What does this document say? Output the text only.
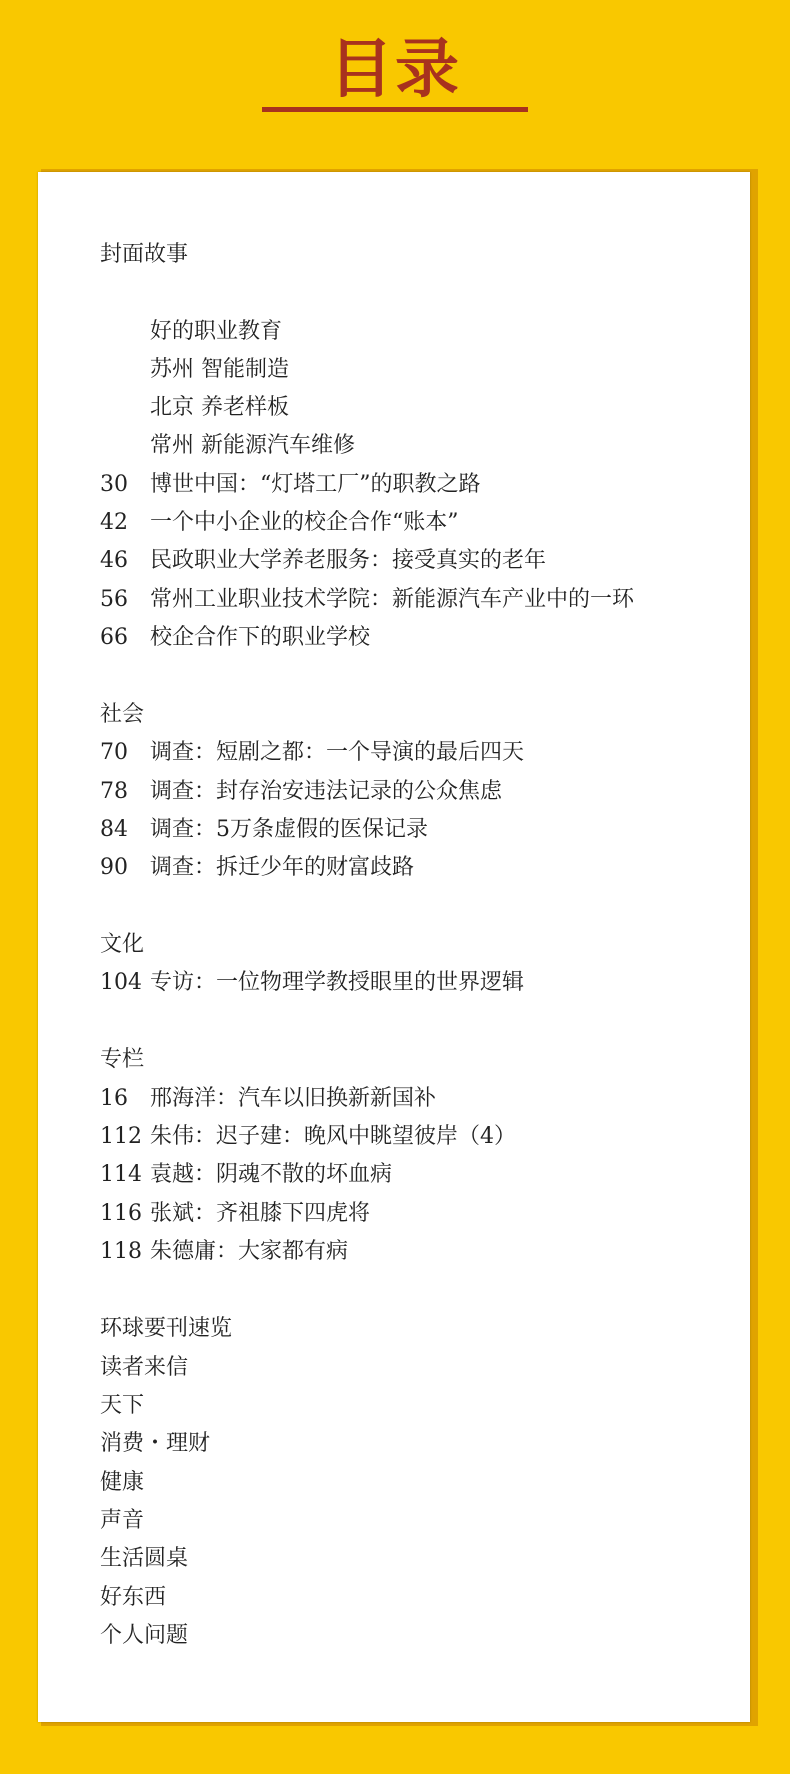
目录
封面故事
好的职业教育
苏州 智能制造
北京 养老样板
常州 新能源汽车维修
30 博世中国：“灯塔工厂”的职教之路
42 一个中小企业的校企合作“账本”
46 民政职业大学养老服务：接受真实的老年
56 常州工业职业技术学院：新能源汽车产业中的一环
66 校企合作下的职业学校
社会
70 调查：短剧之都：一个导演的最后四天
78 调查：封存治安违法记录的公众焦虑
84 调查：5万条虚假的医保记录
90 调查：拆迁少年的财富歧路
文化
104 专访：一位物理学教授眼里的世界逻辑
专栏
16 邢海洋：汽车以旧换新新国补
112 朱伟：迟子建：晚风中眺望彼岸（4）
114 袁越：阴魂不散的坏血病
116 张斌：齐祖膝下四虎将
118 朱德庸：大家都有病
环球要刊速览
读者来信
天下
消费・理财
健康
声音
生活圆桌
好东西
个人问题
